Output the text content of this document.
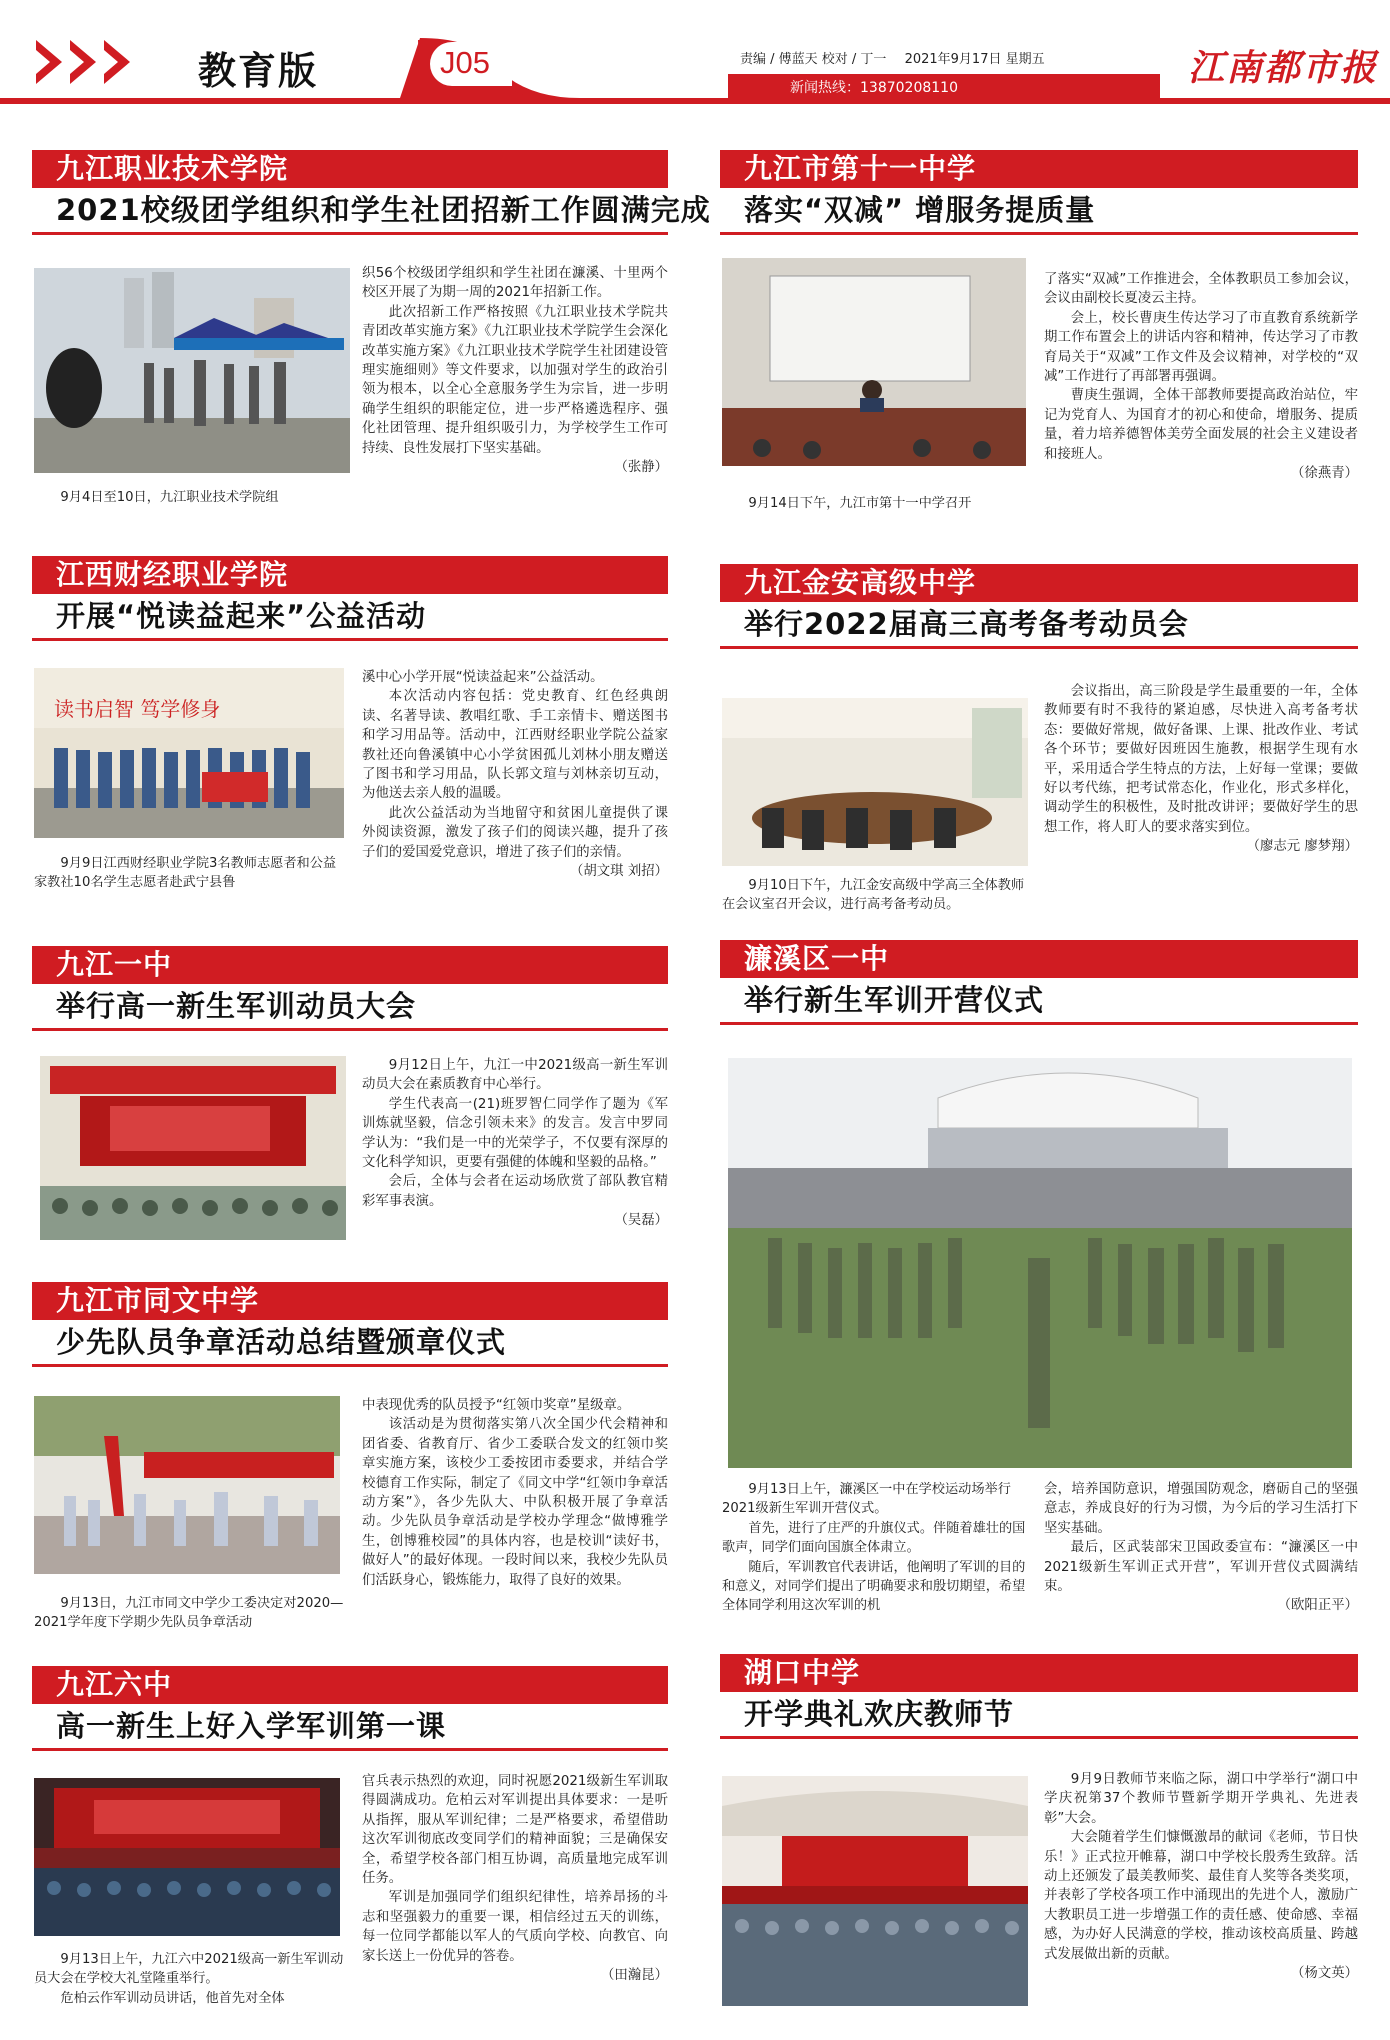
教育版	J05	责编 / 傅蓝天 校对 / 丁一 2021年9月17日 星期五
新闻热线：13870208110	江南都市报
九江职业技术学院
2021校级团学组织和学生社团招新工作圆满完成

9月4日至10日，九江职业技术学院组

织56个校级团学组织和学生社团在濂溪、十里两个校区开展了为期一周的2021年招新工作。

此次招新工作严格按照《九江职业技术学院共青团改革实施方案》《九江职业技术学院学生会深化改革实施方案》《九江职业技术学院学生社团建设管理实施细则》等文件要求，以加强对学生的政治引领为根本，以全心全意服务学生为宗旨，进一步明确学生组织的职能定位，进一步严格遴选程序、强化社团管理、提升组织吸引力，为学校学生工作可持续、良性发展打下坚实基础。

（张静）

九江市第十一中学
落实“双减” 增服务提质量

9月14日下午，九江市第十一中学召开

了落实“双减”工作推进会，全体教职员工参加会议，会议由副校长夏凌云主持。

会上，校长曹庚生传达学习了市直教育系统新学期工作布置会上的讲话内容和精神，传达学习了市教育局关于“双减”工作文件及会议精神，对学校的“双减”工作进行了再部署再强调。

曹庚生强调，全体干部教师要提高政治站位，牢记为党育人、为国育才的初心和使命，增服务、提质量，着力培养德智体美劳全面发展的社会主义建设者和接班人。

（徐燕青）

江西财经职业学院
开展“悦读益起来”公益活动
读书启智 笃学修身

9月9日江西财经职业学院3名教师志愿者和公益家教社10名学生志愿者赴武宁县鲁

溪中心小学开展“悦读益起来”公益活动。

本次活动内容包括：党史教育、红色经典朗读、名著导读、教唱红歌、手工亲情卡、赠送图书和学习用品等。活动中，江西财经职业学院公益家教社还向鲁溪镇中心小学贫困孤儿刘林小朋友赠送了图书和学习用品，队长郭文瑄与刘林亲切互动，为他送去亲人般的温暖。

此次公益活动为当地留守和贫困儿童提供了课外阅读资源，激发了孩子们的阅读兴趣，提升了孩子们的爱国爱党意识，增进了孩子们的亲情。

（胡文琪 刘招）

九江金安高级中学
举行2022届高三高考备考动员会

9月10日下午，九江金安高级中学高三全体教师在会议室召开会议，进行高考备考动员。

会议指出，高三阶段是学生最重要的一年，全体教师要有时不我待的紧迫感，尽快进入高考备考状态：要做好常规，做好备课、上课、批改作业、考试各个环节；要做好因班因生施教，根据学生现有水平，采用适合学生特点的方法，上好每一堂课；要做好以考代练，把考试常态化，作业化，形式多样化，调动学生的积极性，及时批改讲评；要做好学生的思想工作，将人盯人的要求落实到位。

（廖志元 廖梦翔）

九江一中
举行高一新生军训动员大会

9月12日上午，九江一中2021级高一新生军训动员大会在素质教育中心举行。

学生代表高一(21)班罗智仁同学作了题为《军训炼就坚毅，信念引领未来》的发言。发言中罗同学认为：“我们是一中的光荣学子，不仅要有深厚的文化科学知识，更要有强健的体魄和坚毅的品格。”

会后，全体与会者在运动场欣赏了部队教官精彩军事表演。

（吴磊）

濂溪区一中
举行新生军训开营仪式

9月13日上午，濂溪区一中在学校运动场举行2021级新生军训开营仪式。

首先，进行了庄严的升旗仪式。伴随着雄壮的国歌声，同学们面向国旗全体肃立。

随后，军训教官代表讲话，他阐明了军训的目的和意义，对同学们提出了明确要求和殷切期望，希望全体同学利用这次军训的机

会，培养国防意识，增强国防观念，磨砺自己的坚强意志，养成良好的行为习惯，为今后的学习生活打下坚实基础。

最后，区武装部宋卫国政委宣布：“濂溪区一中2021级新生军训正式开营”，军训开营仪式圆满结束。

（欧阳正平）

九江市同文中学
少先队员争章活动总结暨颁章仪式

9月13日，九江市同文中学少工委决定对2020—2021学年度下学期少先队员争章活动

中表现优秀的队员授予“红领巾奖章”星级章。

该活动是为贯彻落实第八次全国少代会精神和团省委、省教育厅、省少工委联合发文的红领巾奖章实施方案，该校少工委按团市委要求，并结合学校德育工作实际，制定了《同文中学“红领巾争章活动方案”》，各少先队大、中队积极开展了争章活动。少先队员争章活动是学校办学理念“做博雅学生，创博雅校园”的具体内容，也是校训“读好书，做好人”的最好体现。一段时间以来，我校少先队员们活跃身心，锻炼能力，取得了良好的效果。

九江六中
高一新生上好入学军训第一课

9月13日上午，九江六中2021级高一新生军训动员大会在学校大礼堂隆重举行。

危柏云作军训动员讲话，他首先对全体

官兵表示热烈的欢迎，同时祝愿2021级新生军训取得圆满成功。危柏云对军训提出具体要求：一是听从指挥，服从军训纪律；二是严格要求，希望借助这次军训彻底改变同学们的精神面貌；三是确保安全，希望学校各部门相互协调，高质量地完成军训任务。

军训是加强同学们组织纪律性，培养昂扬的斗志和坚强毅力的重要一课，相信经过五天的训练，每一位同学都能以军人的气质向学校、向教官、向家长送上一份优异的答卷。

（田瀚昆）

湖口中学
开学典礼欢庆教师节

9月9日教师节来临之际，湖口中学举行“湖口中学庆祝第37个教师节暨新学期开学典礼、先进表彰”大会。

大会随着学生们慷慨激昂的献词《老师，节日快乐！》正式拉开帷幕，湖口中学校长殷秀生致辞。活动上还颁发了最美教师奖、最佳育人奖等各类奖项，并表彰了学校各项工作中涌现出的先进个人，激励广大教职员工进一步增强工作的责任感、使命感、幸福感，为办好人民满意的学校，推动该校高质量、跨越式发展做出新的贡献。

（杨文英）
